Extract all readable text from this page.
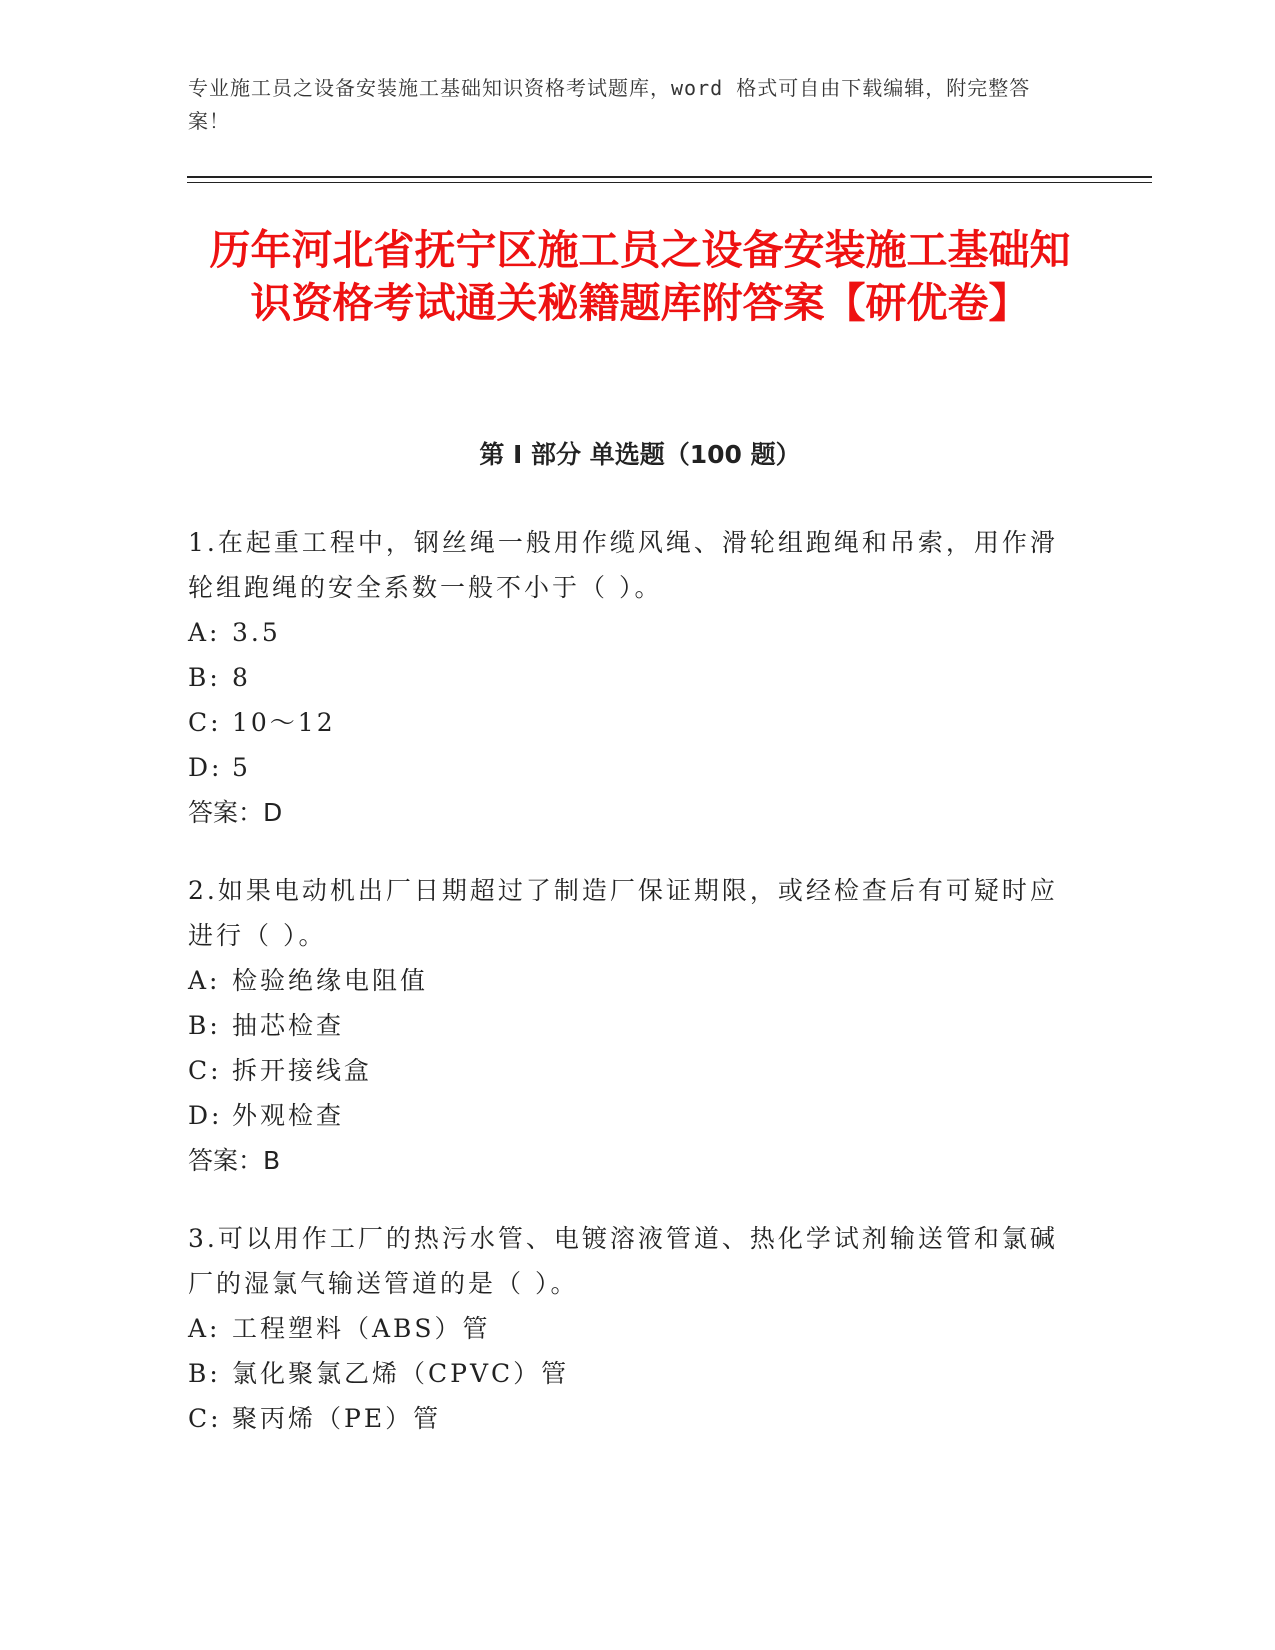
专业施工员之设备安装施工基础知识资格考试题库，word 格式可自由下载编辑，附完整答案！
历年河北省抚宁区施工员之设备安装施工基础知识资格考试通关秘籍题库附答案【研优卷】
第 I 部分 单选题（100 题）

1.在起重工程中，钢丝绳一般用作缆风绳、滑轮组跑绳和吊索，用作滑轮组跑绳的安全系数一般不小于（ ）。

A: 3.5

B: 8

C: 10～12

D: 5

答案：D

2.如果电动机出厂日期超过了制造厂保证期限，或经检查后有可疑时应进行（ ）。

A: 检验绝缘电阻值

B: 抽芯检查

C: 拆开接线盒

D: 外观检查

答案：B

3.可以用作工厂的热污水管、电镀溶液管道、热化学试剂输送管和氯碱厂的湿氯气输送管道的是（ ）。

A: 工程塑料（ABS）管

B: 氯化聚氯乙烯（CPVC）管

C: 聚丙烯（PE）管
